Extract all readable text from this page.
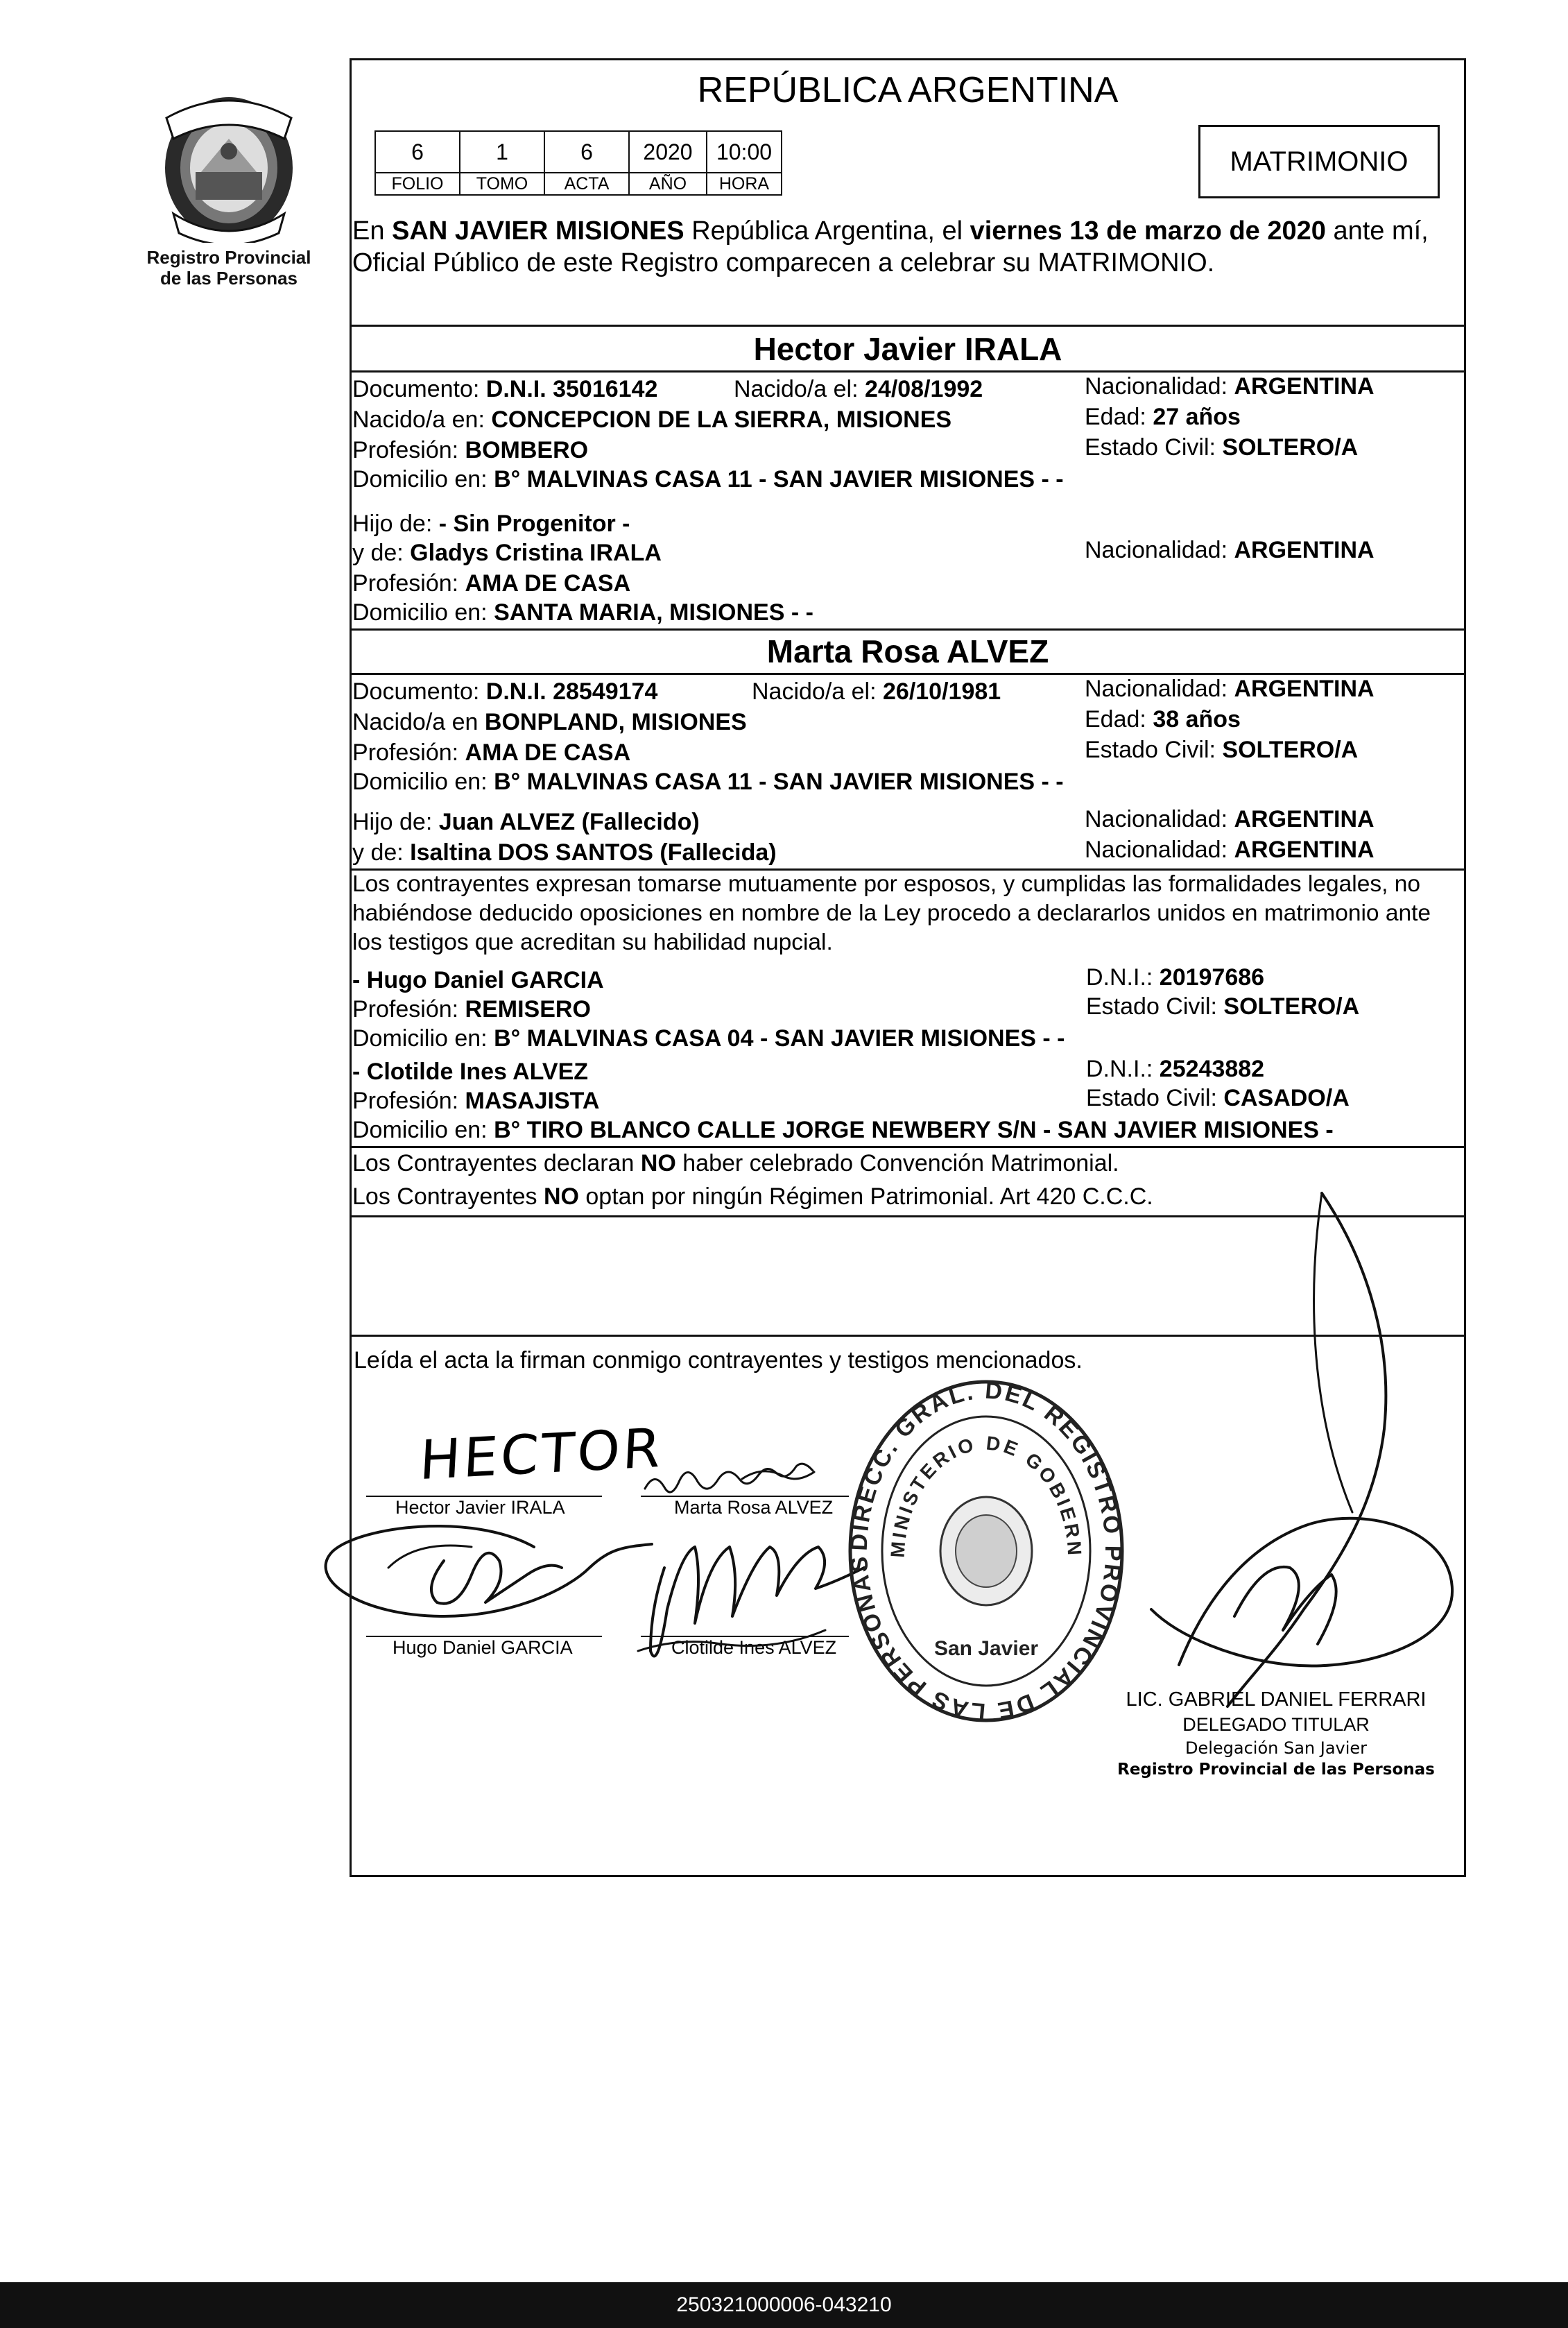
Registro Provincial
de las Personas
REPÚBLICA ARGENTINA
6	1	6	2020	10:00
FOLIO	TOMO	ACTA	AÑO	HORA
MATRIMONIO
En SAN JAVIER MISIONES República Argentina, el viernes 13 de marzo de 2020 ante mí,
Oficial Público de este Registro comparecen a celebrar su MATRIMONIO.
Hector Javier IRALA
Documento: D.N.I. 35016142	Nacido/a el: 24/08/1992	Nacionalidad: ARGENTINA
Nacido/a en: CONCEPCION DE LA SIERRA, MISIONES	Edad: 27 años
Profesión: BOMBERO	Estado Civil: SOLTERO/A
Domicilio en: B° MALVINAS CASA 11 - SAN JAVIER MISIONES - -
Hijo de: - Sin Progenitor -
y de: Gladys Cristina IRALA	Nacionalidad: ARGENTINA
Profesión: AMA DE CASA
Domicilio en: SANTA MARIA, MISIONES - -
Marta Rosa ALVEZ
Documento: D.N.I. 28549174	Nacido/a el: 26/10/1981	Nacionalidad: ARGENTINA
Nacido/a en BONPLAND, MISIONES	Edad: 38 años
Profesión: AMA DE CASA	Estado Civil: SOLTERO/A
Domicilio en: B° MALVINAS CASA 11 - SAN JAVIER MISIONES - -
Hijo de: Juan ALVEZ (Fallecido)	Nacionalidad: ARGENTINA
y de: Isaltina DOS SANTOS (Fallecida)	Nacionalidad: ARGENTINA
Los contrayentes expresan tomarse mutuamente por esposos, y cumplidas las formalidades legales, no
habiéndose deducido oposiciones en nombre de la Ley procedo a declararlos unidos en matrimonio ante
los testigos que acreditan su habilidad nupcial.
- Hugo Daniel GARCIA	D.N.I.: 20197686
Profesión: REMISERO	Estado Civil: SOLTERO/A
Domicilio en: B° MALVINAS CASA 04 - SAN JAVIER MISIONES - -
- Clotilde Ines ALVEZ	D.N.I.: 25243882
Profesión: MASAJISTA	Estado Civil: CASADO/A
Domicilio en: B° TIRO BLANCO CALLE JORGE NEWBERY S/N - SAN JAVIER MISIONES -
Los Contrayentes declaran NO haber celebrado Convención Matrimonial.
Los Contrayentes NO optan por ningún Régimen Patrimonial. Art 420 C.C.C.
Leída el acta la firman conmigo contrayentes y testigos mencionados.
Hector Javier IRALA	Marta Rosa ALVEZ
Hugo Daniel GARCIA	Clotilde Ines ALVEZ
HECTOR
DIRECC. GRAL. DEL REGISTRO PROVINCIAL DE LAS PERSONAS
MINISTERIO DE GOBIERN
San Javier
LIC. GABRIEL DANIEL FERRARI
DELEGADO TITULAR
Delegación San Javier
Registro Provincial de las Personas
250321000006-043210
